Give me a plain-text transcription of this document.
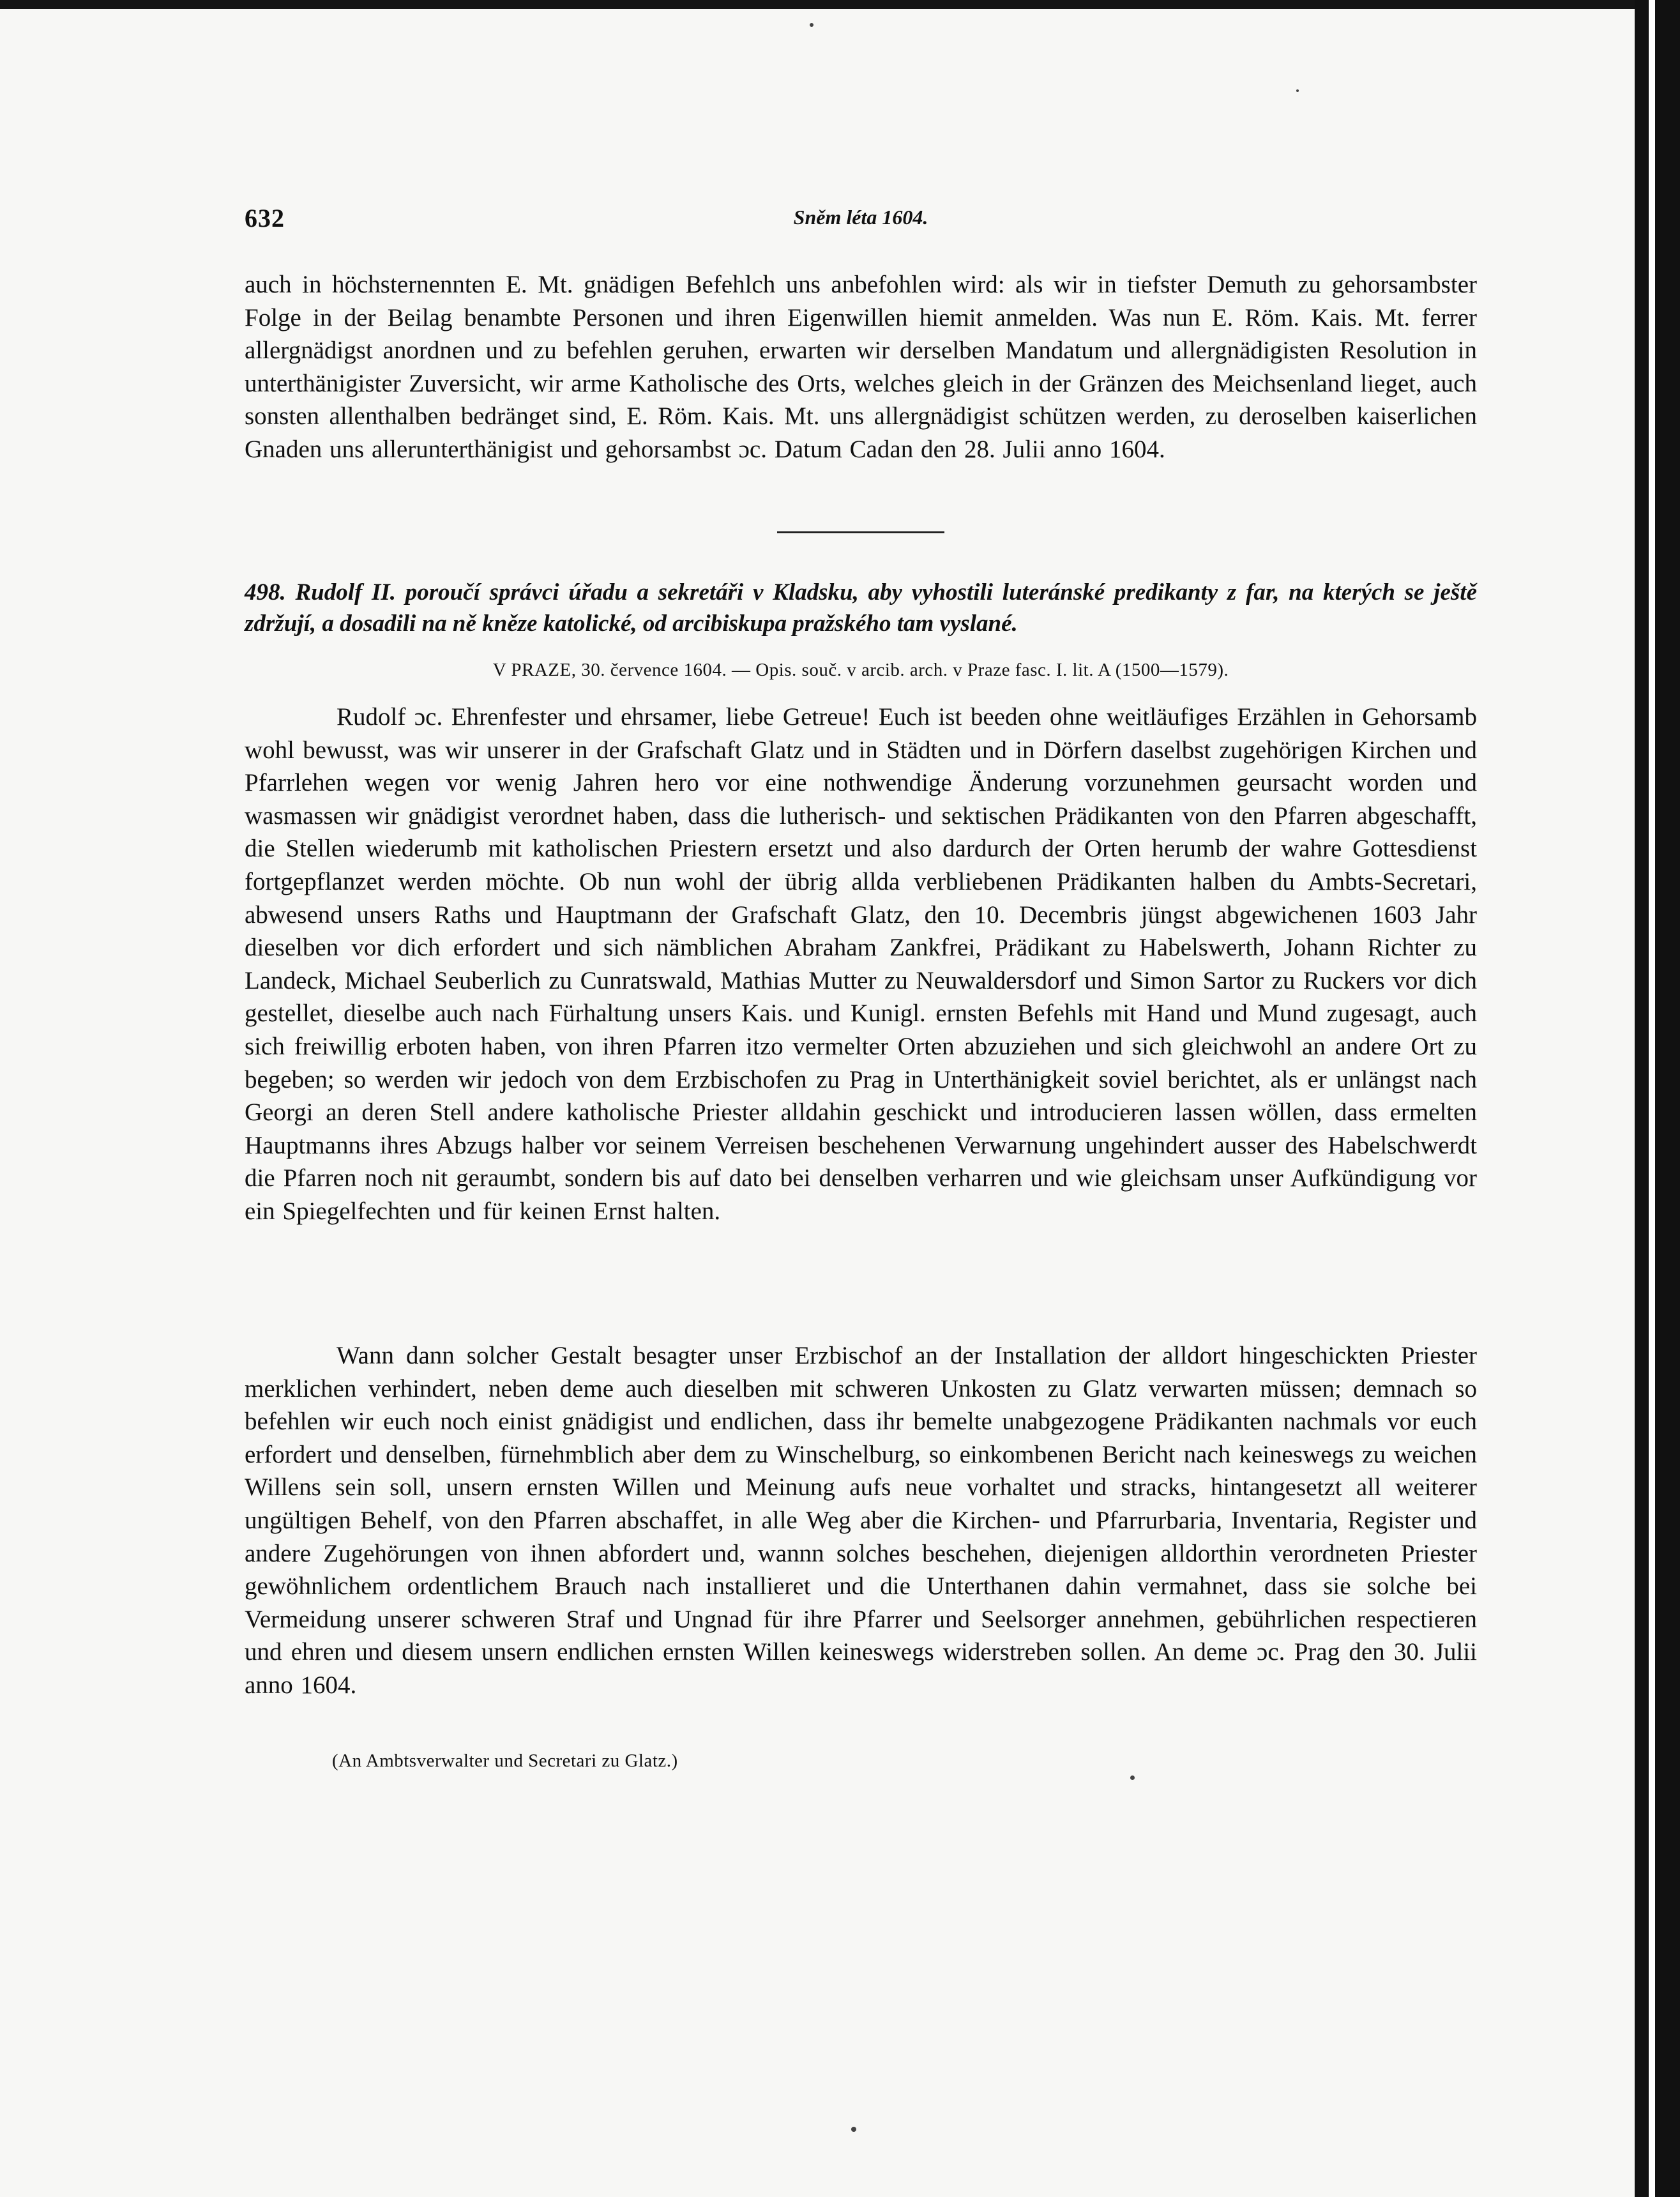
632	Sněm léta 1604.

auch in höchsternennten E. Mt. gnädigen Befehlch uns anbefohlen wird: als wir in tiefster Demuth zu gehorsambster Folge in der Beilag benambte Personen und ihren Eigenwillen hiemit anmelden. Was nun E. Röm. Kais. Mt. ferrer allergnädigst anordnen und zu befehlen geruhen, erwarten wir derselben Mandatum und allergnädigisten Resolution in unterthänigister Zuversicht, wir arme Katholische des Orts, welches gleich in der Gränzen des Meichsenland lieget, auch sonsten allenthalben bedränget sind, E. Röm. Kais. Mt. uns allergnädigist schützen werden, zu deroselben kaiserlichen Gnaden uns allerunterthänigist und gehorsambst ɔc. Datum Cadan den 28. Julii anno 1604.

498. Rudolf II. poroučí správci úřadu a sekretáři v Kladsku, aby vyhostili luteránské predikanty z far, na kterých se ještě zdržují, a dosadili na ně kněze katolické, od arcibiskupa pražského tam vyslané.

V PRAZE, 30. července 1604. — Opis. souč. v arcib. arch. v Praze fasc. I. lit. A (1500—1579).

Rudolf ɔc. Ehrenfester und ehrsamer, liebe Getreue! Euch ist beeden ohne weitläufiges Erzählen in Gehorsamb wohl bewusst, was wir unserer in der Grafschaft Glatz und in Städten und in Dörfern daselbst zugehörigen Kirchen und Pfarrlehen wegen vor wenig Jahren hero vor eine nothwendige Änderung vorzunehmen geursacht worden und wasmassen wir gnädigist verordnet haben, dass die lutherisch- und sektischen Prädikanten von den Pfarren abgeschafft, die Stellen wiederumb mit katholischen Priestern ersetzt und also dardurch der Orten herumb der wahre Gottesdienst fortgepflanzet werden möchte. Ob nun wohl der übrig allda verbliebenen Prädikanten halben du Ambts-Secretari, abwesend unsers Raths und Hauptmann der Grafschaft Glatz, den 10. Decembris jüngst abgewichenen 1603 Jahr dieselben vor dich erfordert und sich nämblichen Abraham Zankfrei, Prädikant zu Habelswerth, Johann Richter zu Landeck, Michael Seuberlich zu Cunratswald, Mathias Mutter zu Neuwaldersdorf und Simon Sartor zu Ruckers vor dich gestellet, dieselbe auch nach Fürhaltung unsers Kais. und Kunigl. ernsten Befehls mit Hand und Mund zugesagt, auch sich freiwillig erboten haben, von ihren Pfarren itzo vermelter Orten abzuziehen und sich gleichwohl an andere Ort zu begeben; so werden wir jedoch von dem Erzbischofen zu Prag in Unterthänigkeit soviel berichtet, als er unlängst nach Georgi an deren Stell andere katholische Priester alldahin geschickt und introducieren lassen wöllen, dass ermelten Hauptmanns ihres Abzugs halber vor seinem Verreisen beschehenen Verwarnung ungehindert ausser des Habelschwerdt die Pfarren noch nit geraumbt, sondern bis auf dato bei denselben verharren und wie gleichsam unser Aufkündigung vor ein Spiegelfechten und für keinen Ernst halten.

Wann dann solcher Gestalt besagter unser Erzbischof an der Installation der alldort hingeschickten Priester merklichen verhindert, neben deme auch dieselben mit schweren Unkosten zu Glatz verwarten müssen; demnach so befehlen wir euch noch einist gnädigist und endlichen, dass ihr bemelte unabgezogene Prädikanten nachmals vor euch erfordert und denselben, fürnehmblich aber dem zu Winschelburg, so einkombenen Bericht nach keineswegs zu weichen Willens sein soll, unsern ernsten Willen und Meinung aufs neue vorhaltet und stracks, hintangesetzt all weiterer ungültigen Behelf, von den Pfarren abschaffet, in alle Weg aber die Kirchen- und Pfarrurbaria, Inventaria, Register und andere Zugehörungen von ihnen abfordert und, wannn solches beschehen, diejenigen alldorthin verordneten Priester gewöhnlichem ordentlichem Brauch nach installieret und die Unterthanen dahin vermahnet, dass sie solche bei Vermeidung unserer schweren Straf und Ungnad für ihre Pfarrer und Seelsorger annehmen, gebührlichen respectieren und ehren und diesem unsern endlichen ernsten Willen keineswegs widerstreben sollen. An deme ɔc. Prag den 30. Julii anno 1604.

(An Ambtsverwalter und Secretari zu Glatz.)
